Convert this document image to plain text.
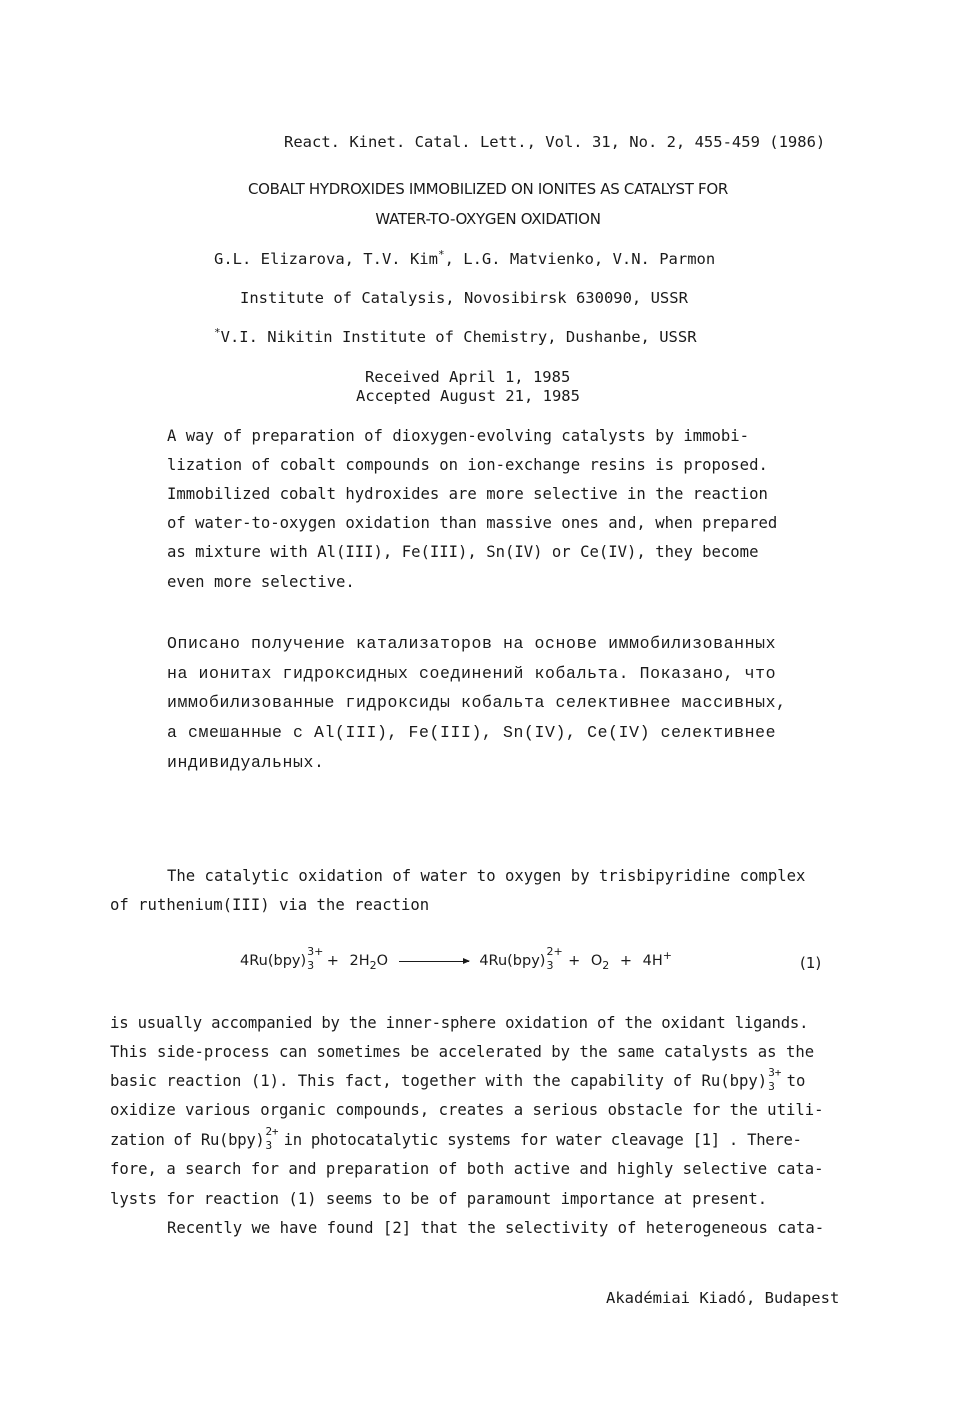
React. Kinet. Catal. Lett., Vol. 31, No. 2, 455-459 (1986)
COBALT HYDROXIDES IMMOBILIZED ON IONITES AS CATALYST FOR
WATER-TO-OXYGEN OXIDATION
G.L. Elizarova, T.V. Kim*, L.G. Matvienko, V.N. Parmon
Institute of Catalysis, Novosibirsk 630090, USSR
*V.I. Nikitin Institute of Chemistry, Dushanbe, USSR
Received April 1, 1985
Accepted August 21, 1985
A way of preparation of dioxygen-evolving catalysts by immobi-
lization of cobalt compounds on ion-exchange resins is proposed.
Immobilized cobalt hydroxides are more selective in the reaction
of water-to-oxygen oxidation than massive ones and, when prepared
as mixture with Al(III), Fe(III), Sn(IV) or Ce(IV), they become
even more selective.
Описано получение катализаторов на основе иммобилизованных
на ионитах гидроксидных соединений кобальта. Показано, что
иммобилизованные гидроксиды кобальта селективнее массивных,
а смешанные с Al(III), Fe(III), Sn(IV), Ce(IV) селективнее
индивидуальных.
The catalytic oxidation of water to oxygen by trisbipyridine complex
of ruthenium(III) via the reaction
4Ru(bpy)
3+
$3 + 2H_2O$	4Ru(bpy)
2+
$3 + O_2 + 4H^+$	(1)
is usually accompanied by the inner-sphere oxidation of the oxidant ligands.
This side-process can sometimes be accelerated by the same catalysts as the
basic reaction (1). This fact, together with the capability of Ru(bpy) 3+
3 to
oxidize various organic compounds, creates a serious obstacle for the utili-
zation of Ru(bpy) 2+
3 in photocatalytic systems for water cleavage [1] . There-
fore, a search for and preparation of both active and highly selective cata-
lysts for reaction (1) seems to be of paramount importance at present.
Recently we have found [2] that the selectivity of heterogeneous cata-
Akadémiai Kiadó, Budapest
